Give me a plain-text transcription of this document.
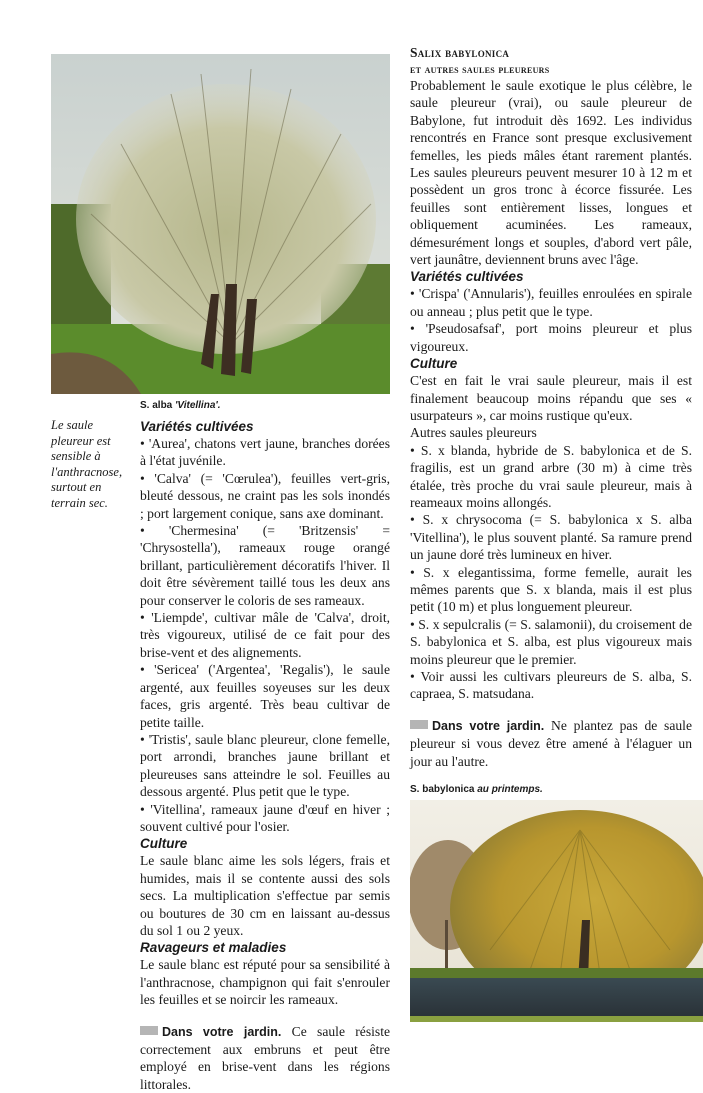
S. alba 'Vitellina'.
Le saule pleureur est sensible à l'anthracnose, surtout en terrain sec.
Variétés cultivées

• 'Aurea', chatons vert jaune, branches dorées à l'état juvénile.

• 'Calva' (= 'Cœrulea'), feuilles vert-gris, bleuté dessous, ne craint pas les sols inondés ; port largement conique, sans axe dominant.

• 'Chermesina' (= 'Britzensis' = 'Chrysostella'), rameaux rouge orangé brillant, particulièrement décoratifs l'hiver. Il doit être sévèrement taillé tous les deux ans pour conserver le coloris de ses rameaux.

• 'Liempde', cultivar mâle de 'Calva', droit, très vigoureux, utilisé de ce fait pour des brise-vent et des alignements.

• 'Sericea' ('Argentea', 'Regalis'), le saule argenté, aux feuilles soyeuses sur les deux faces, gris argenté. Très beau cultivar de petite taille.

• 'Tristis', saule blanc pleureur, clone femelle, port arrondi, branches jaune brillant et pleureuses sans atteindre le sol. Feuilles au dessous argenté. Plus petit que le type.

• 'Vitellina', rameaux jaune d'œuf en hiver ; souvent cultivé pour l'osier.

Culture

Le saule blanc aime les sols légers, frais et humides, mais il se contente aussi des sols secs. La multiplication s'effectue par semis ou boutures de 30 cm en laissant au-dessus du sol 1 ou 2 yeux.

Ravageurs et maladies

Le saule blanc est réputé pour sa sensibilité à l'anthracnose, champignon qui fait s'enrouler les feuilles et se noircir les rameaux.

Dans votre jardin. Ce saule résiste correctement aux embruns et peut être employé en brise-vent dans les régions littorales.

Salix babylonica
et autres saules pleureurs

Probablement le saule exotique le plus célèbre, le saule pleureur (vrai), ou saule pleureur de Babylone, fut introduit dès 1692. Les individus rencontrés en France sont presque exclusivement femelles, les pieds mâles étant rarement plantés. Les saules pleureurs peuvent mesurer 10 à 12 m et possèdent un gros tronc à écorce fissurée. Les feuilles sont entièrement lisses, longues et obliquement acuminées. Les rameaux, démesurément longs et souples, d'abord vert pâle, vert jaunâtre, deviennent bruns avec l'âge.

Variétés cultivées

• 'Crispa' ('Annularis'), feuilles enroulées en spirale ou anneau ; plus petit que le type.

• 'Pseudosafsaf', port moins pleureur et plus vigoureux.

Culture

C'est en fait le vrai saule pleureur, mais il est finalement beaucoup moins répandu que ses « usurpateurs », car moins rustique qu'eux.

Autres saules pleureurs

• S. x blanda, hybride de S. babylonica et de S. fragilis, est un grand arbre (30 m) à cime très étalée, très proche du vrai saule pleureur, mais à reameaux moins allongés.

• S. x chrysocoma (= S. babylonica x S. alba 'Vitellina'), le plus souvent planté. Sa ramure prend un jaune doré très lumineux en hiver.

• S. x elegantissima, forme femelle, aurait les mêmes parents que S. x blanda, mais il est plus petit (10 m) et plus longuement pleureur.

• S. x sepulcralis (= S. salamonii), du croisement de S. babylonica et S. alba, est plus vigoureux mais moins pleureur que le premier.

• Voir aussi les cultivars pleureurs de S. alba, S. capraea, S. matsudana.

Dans votre jardin. Ne plantez pas de saule pleureur si vous devez être amené à l'élaguer un jour au l'autre.

S. babylonica au printemps.
